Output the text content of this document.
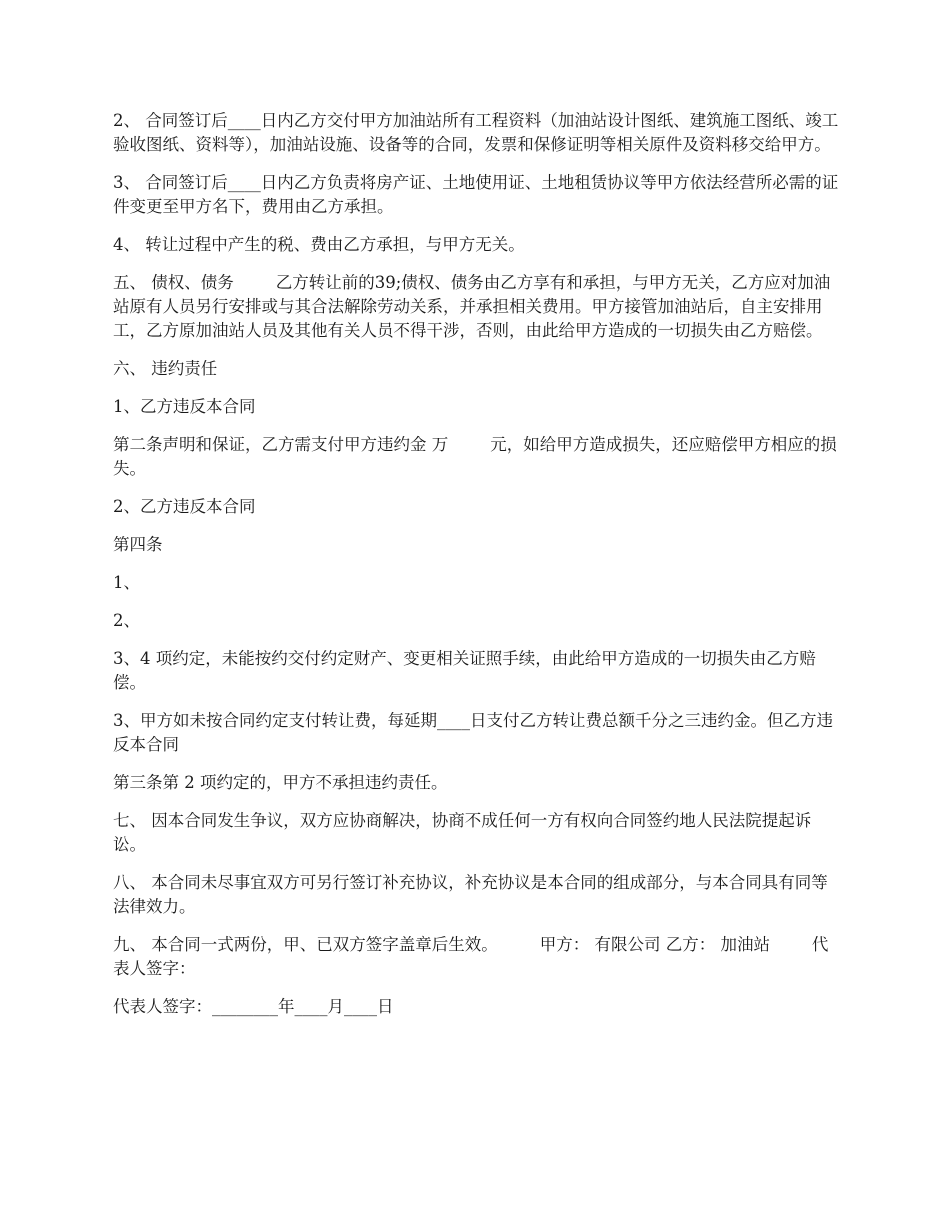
2、 合同签订后____日内乙方交付甲方加油站所有工程资料（加油站设计图纸、建筑施工图纸、竣工验收图纸、资料等），加油站设施、设备等的合同，发票和保修证明等相关原件及资料移交给甲方。

3、 合同签订后____日内乙方负责将房产证、土地使用证、土地租赁协议等甲方依法经营所必需的证件变更至甲方名下，费用由乙方承担。

4、 转让过程中产生的税、费由乙方承担，与甲方无关。

五、 债权、债务        乙方转让前的39;债权、债务由乙方享有和承担，与甲方无关，乙方应对加油站原有人员另行安排或与其合法解除劳动关系，并承担相关费用。甲方接管加油站后，自主安排用工，乙方原加油站人员及其他有关人员不得干涉，否则，由此给甲方造成的一切损失由乙方赔偿。

六、 违约责任

1、乙方违反本合同

第二条声明和保证，乙方需支付甲方违约金 万        元，如给甲方造成损失，还应赔偿甲方相应的损失。

2、乙方违反本合同

第四条

1、

2、

3、4 项约定，未能按约交付约定财产、变更相关证照手续，由此给甲方造成的一切损失由乙方赔偿。

3、甲方如未按合同约定支付转让费，每延期____日支付乙方转让费总额千分之三违约金。但乙方违反本合同

第三条第 2 项约定的，甲方不承担违约责任。

七、 因本合同发生争议，双方应协商解决，协商不成任何一方有权向合同签约地人民法院提起诉讼。

八、 本合同未尽事宜双方可另行签订补充协议，补充协议是本合同的组成部分，与本合同具有同等法律效力。

九、 本合同一式两份，甲、已双方签字盖章后生效。        甲方： 有限公司 乙方： 加油站        代表人签字：

代表人签字：________年____月____日
